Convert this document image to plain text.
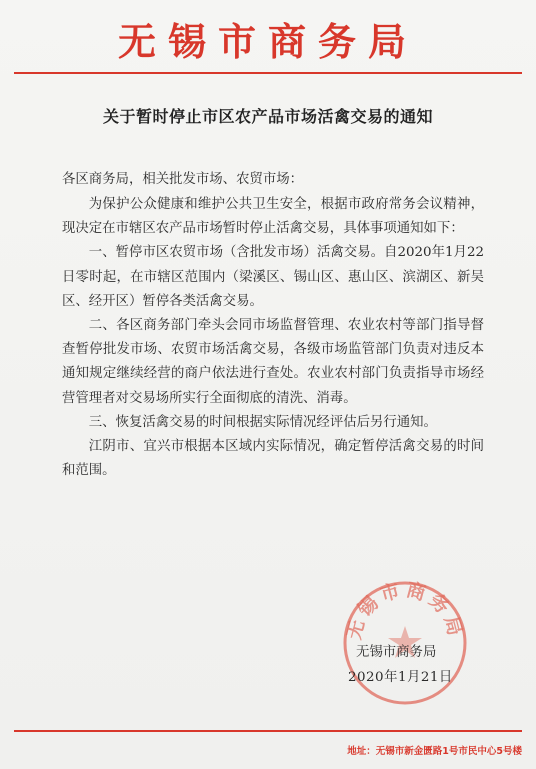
无锡市商务局
关于暂时停止市区农产品市场活禽交易的通知
各区商务局，相关批发市场、农贸市场：

为保护公众健康和维护公共卫生安全，根据市政府常务会议精神，现决定在市辖区农产品市场暂时停止活禽交易，具体事项通知如下：

一、暂停市区农贸市场（含批发市场）活禽交易。自2020年1月22日零时起，在市辖区范围内（梁溪区、锡山区、惠山区、滨湖区、新吴区、经开区）暂停各类活禽交易。

二、各区商务部门牵头会同市场监督管理、农业农村等部门指导督查暂停批发市场、农贸市场活禽交易，各级市场监管部门负责对违反本通知规定继续经营的商户依法进行查处。农业农村部门负责指导市场经营管理者对交易场所实行全面彻底的清洗、消毒。

三、恢复活禽交易的时间根据实际情况经评估后另行通知。

江阴市、宜兴市根据本区域内实际情况，确定暂停活禽交易的时间和范围。

无锡市商务局
无锡市商务局
2020年1月21日
地址：无锡市新金匮路1号市民中心5号楼
